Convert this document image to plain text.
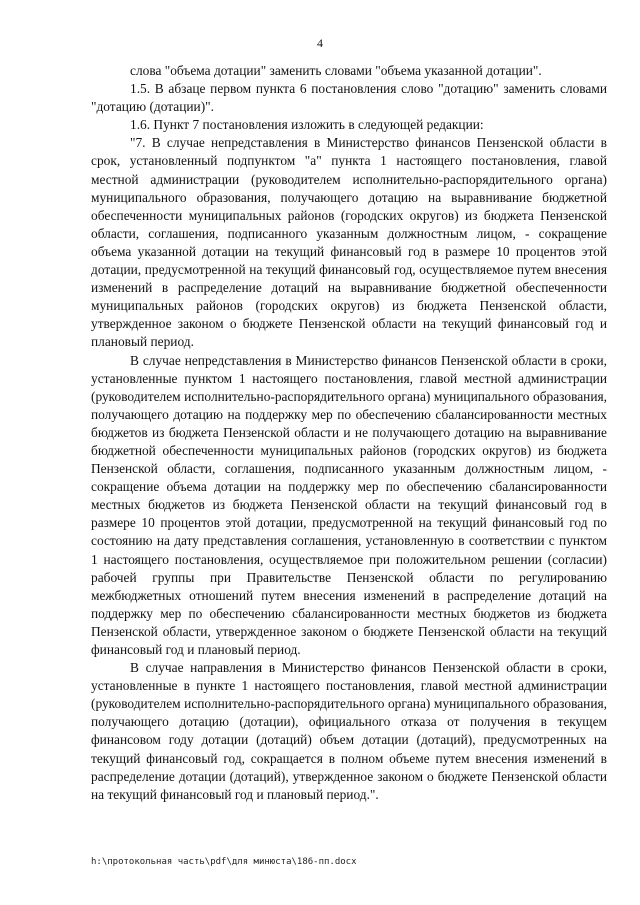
4

слова "объема дотации" заменить словами "объема указанной дотации".

1.5. В абзаце первом пункта 6 постановления слово "дотацию" заменить словами "дотацию (дотации)".

1.6. Пункт 7 постановления изложить в следующей редакции:

"7. В случае непредставления в Министерство финансов Пензенской области в срок, установленный подпунктом "а" пункта 1 настоящего постановления, главой местной администрации (руководителем исполнительно-распорядительного органа) муниципального образования, получающего дотацию на выравнивание бюджетной обеспеченности муниципальных районов (городских округов) из бюджета Пензенской области, соглашения, подписанного указанным должностным лицом, - сокращение объема указанной дотации на текущий финансовый год в размере 10 процентов этой дотации, предусмотренной на текущий финансовый год, осуществляемое путем внесения изменений в распределение дотаций на выравнивание бюджетной обеспеченности муниципальных районов (городских округов) из бюджета Пензенской области, утвержденное законом о бюджете Пензенской области на текущий финансовый год и плановый период.

В случае непредставления в Министерство финансов Пензенской области в сроки, установленные пунктом 1 настоящего постановления, главой местной администрации (руководителем исполнительно-распорядительного органа) муниципального образования, получающего дотацию на поддержку мер по обеспечению сбалансированности местных бюджетов из бюджета Пензенской области и не получающего дотацию на выравнивание бюджетной обеспеченности муниципальных районов (городских округов) из бюджета Пензенской области, соглашения, подписанного указанным должностным лицом, - сокращение объема дотации на поддержку мер по обеспечению сбалансированности местных бюджетов из бюджета Пензенской области на текущий финансовый год в размере 10 процентов этой дотации, предусмотренной на текущий финансовый год по состоянию на дату представления соглашения, установленную в соответствии с пунктом 1 настоящего постановления, осуществляемое при положительном решении (согласии) рабочей группы при Правительстве Пензенской области по регулированию межбюджетных отношений путем внесения изменений в распределение дотаций на поддержку мер по обеспечению сбалансированности местных бюджетов из бюджета Пензенской области, утвержденное законом о бюджете Пензенской области на текущий финансовый год и плановый период.

В случае направления в Министерство финансов Пензенской области в сроки, установленные в пункте 1 настоящего постановления, главой местной администрации (руководителем исполнительно-распорядительного органа) муниципального образования, получающего дотацию (дотации), официального отказа от получения в текущем финансовом году дотации (дотаций) объем дотации (дотаций), предусмотренных на текущий финансовый год, сокращается в полном объеме путем внесения изменений в распределение дотации (дотаций), утвержденное законом о бюджете Пензенской области на текущий финансовый год и плановый период.".

h:\протокольная часть\pdf\для минюста\186-пп.docx
